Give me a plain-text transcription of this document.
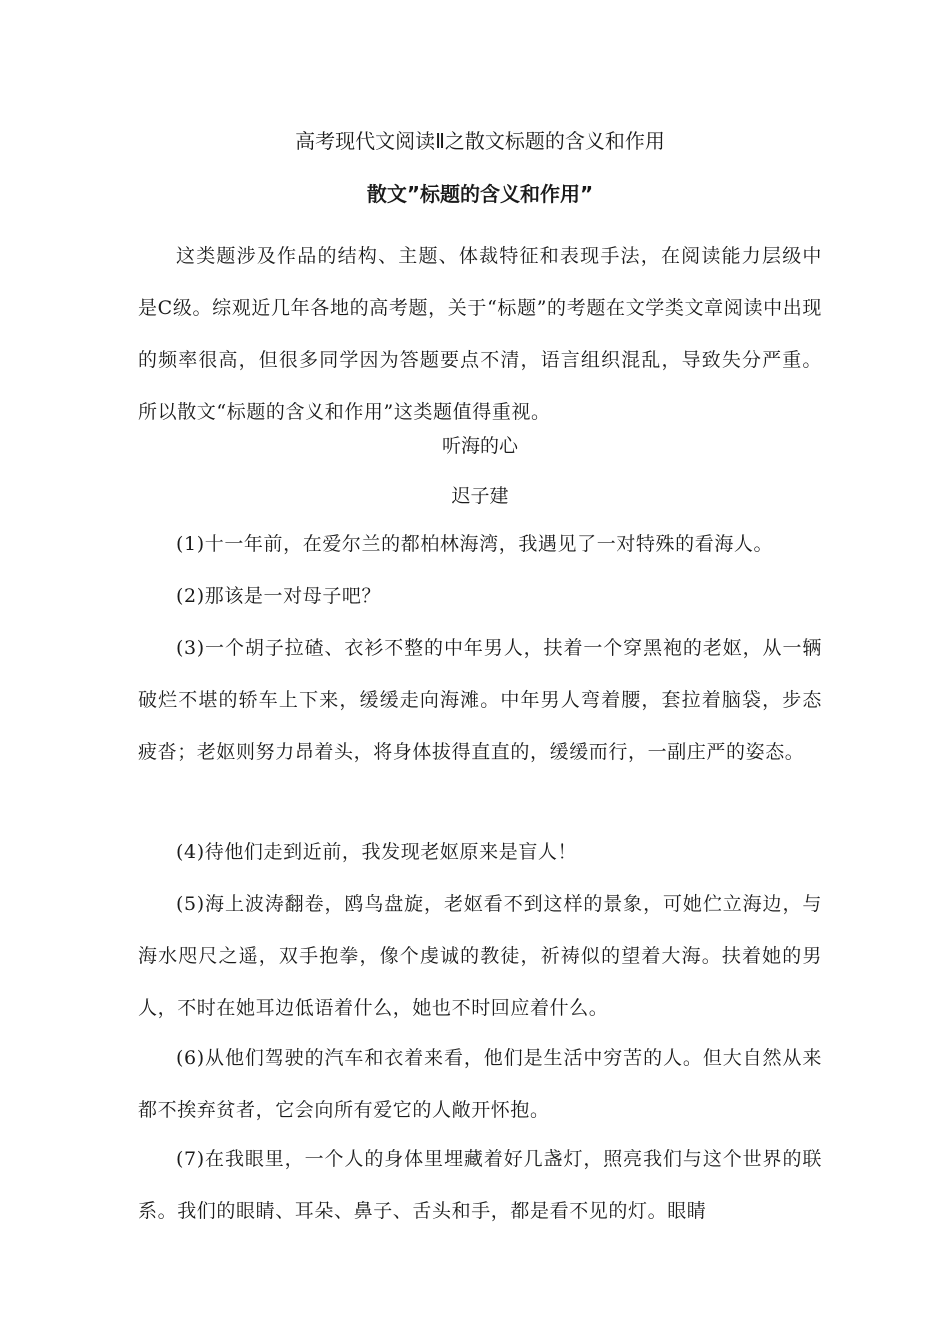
高考现代文阅读Ⅱ之散文标题的含义和作用
散文”标题的含义和作用”

这类题涉及作品的结构、主题、体裁特征和表现手法，在阅读能力层级中是C级。综观近几年各地的高考题，关于“标题”的考题在文学类文章阅读中出现的频率很高，但很多同学因为答题要点不清，语言组织混乱，导致失分严重。所以散文“标题的含义和作用”这类题值得重视。

听海的心
迟子建

(1)十一年前，在爱尔兰的都柏林海湾，我遇见了一对特殊的看海人。

(2)那该是一对母子吧？

(3)一个胡子拉碴、衣衫不整的中年男人，扶着一个穿黑袍的老妪，从一辆破烂不堪的轿车上下来，缓缓走向海滩。中年男人弯着腰，套拉着脑袋，步态疲沓；老妪则努力昂着头，将身体拔得直直的，缓缓而行，一副庄严的姿态。

(4)待他们走到近前，我发现老妪原来是盲人！

(5)海上波涛翻卷，鸥鸟盘旋，老妪看不到这样的景象，可她伫立海边，与海水咫尺之遥，双手抱拳，像个虔诚的教徒，祈祷似的望着大海。扶着她的男人，不时在她耳边低语着什么，她也不时回应着什么。

(6)从他们驾驶的汽车和衣着来看，他们是生活中穷苦的人。但大自然从来都不挨弃贫者，它会向所有爱它的人敞开怀抱。

(7)在我眼里，一个人的身体里埋藏着好几盏灯，照亮我们与这个世界的联系。我们的眼睛、耳朵、鼻子、舌头和手，都是看不见的灯。眼睛
